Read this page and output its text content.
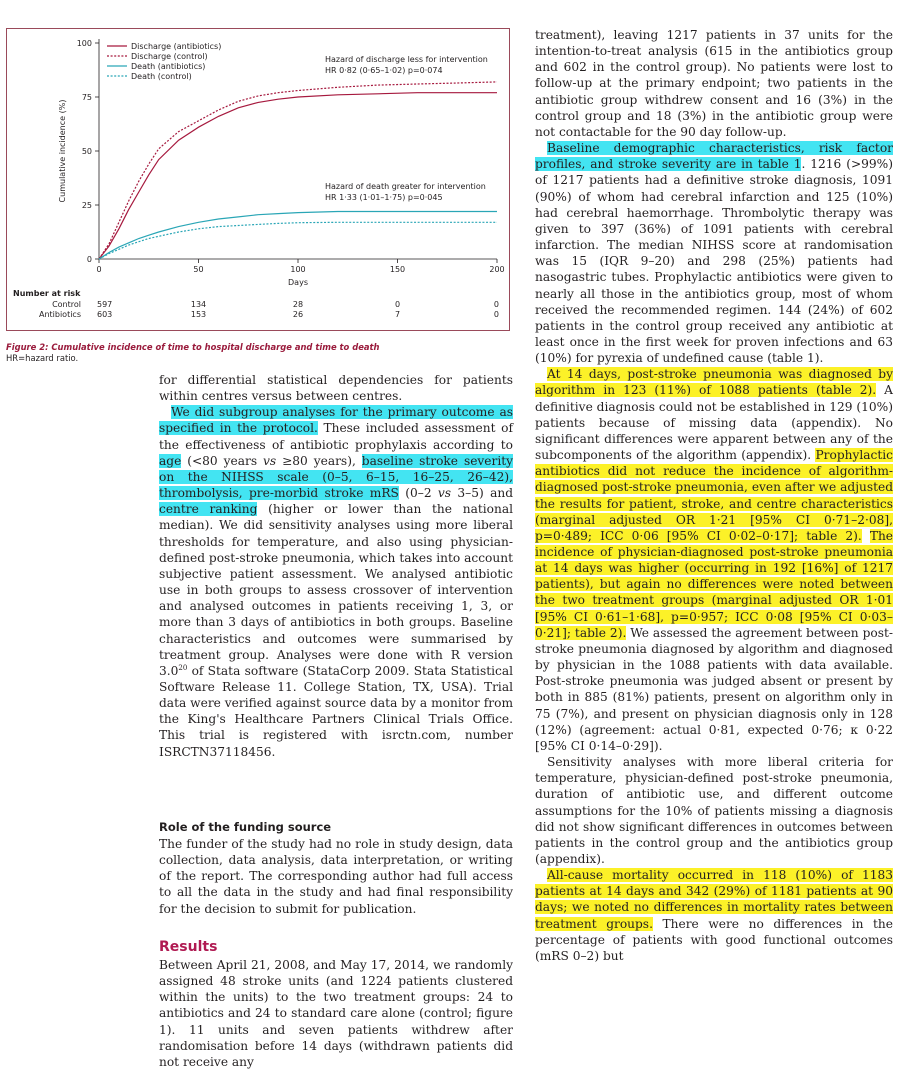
0
25
50
75
100
0	50	100	150	200
Days
Cumulative incidence (%)
Discharge (antibiotics)
Discharge (control)
Death (antibiotics)
Death (control)
Hazard of discharge less for intervention
HR 0·82 (0·65–1·02) p=0·074
Hazard of death greater for intervention
HR 1·33 (1·01–1·75) p=0·045
Number at risk
Control 597	134	28	0	0
Antibiotics 603	153	26	7	0
Figure 2: Cumulative incidence of time to hospital discharge and time to death
HR=hazard ratio.

treatment), leaving 1217 patients in 37 units for the intention-to-treat analysis (615 in the antibiotics group and 602 in the control group). No patients were lost to follow-up at the primary endpoint; two patients in the antibiotic group withdrew consent and 16 (3%) in the control group and 18 (3%) in the antibiotic group were not contactable for the 90 day follow-up.

Baseline demographic characteristics, risk factor profiles, and stroke severity are in table 1. 1216 (>99%) of 1217 patients had a definitive stroke diagnosis, 1091 (90%) of whom had cerebral infarction and 125 (10%) had cerebral haemorrhage. Thrombolytic therapy was given to 397 (36%) of 1091 patients with cerebral infarction. The median NIHSS score at randomisation was 15 (IQR 9–20) and 298 (25%) patients had nasogastric tubes. Prophylactic antibiotics were given to nearly all those in the antibiotics group, most of whom received the recommended regimen. 144 (24%) of 602 patients in the control group received any antibiotic at least once in the first week for proven infections and 63 (10%) for pyrexia of undefined cause (table 1).

At 14 days, post-stroke pneumonia was diagnosed by algorithm in 123 (11%) of 1088 patients (table 2). A definitive diagnosis could not be established in 129 (10%) patients because of missing data (appendix). No significant differences were apparent between any of the subcomponents of the algorithm (appendix). Prophylactic antibiotics did not reduce the incidence of algorithm-diagnosed post-stroke pneumonia, even after we adjusted the results for patient, stroke, and centre characteristics (marginal adjusted OR 1·21 [95% CI 0·71–2·08], p=0·489; ICC 0·06 [95% CI 0·02–0·17]; table 2). The incidence of physician-diagnosed post-stroke pneumonia at 14 days was higher (occurring in 192 [16%] of 1217 patients), but again no differences were noted between the two treatment groups (marginal adjusted OR 1·01 [95% CI 0·61–1·68], p=0·957; ICC 0·08 [95% CI 0·03–0·21]; table 2). We assessed the agreement between post-stroke pneumonia diagnosed by algorithm and diagnosed by physician in the 1088 patients with data available. Post-stroke pneumonia was judged absent or present by both in 885 (81%) patients, present on algorithm only in 75 (7%), and present on physician diagnosis only in 128 (12%) (agreement: actual 0·81, expected 0·76; κ 0·22 [95% CI 0·14–0·29]).

Sensitivity analyses with more liberal criteria for temperature, physician-defined post-stroke pneumonia, duration of antibiotic use, and different outcome assumptions for the 10% of patients missing a diagnosis did not show significant differences in outcomes between patients in the control group and the antibiotics group (appendix).

All-cause mortality occurred in 118 (10%) of 1183 patients at 14 days and 342 (29%) of 1181 patients at 90 days; we noted no differences in mortality rates between treatment groups. There were no differences in the percentage of patients with good functional outcomes (mRS 0–2) but

for differential statistical dependencies for patients within centres versus between centres.

We did subgroup analyses for the primary outcome as specified in the protocol. These included assessment of the effectiveness of antibiotic prophylaxis according to age (<80 years vs ≥80 years), baseline stroke severity on the NIHSS scale (0–5, 6–15, 16–25, 26–42), thrombolysis, pre-morbid stroke mRS (0–2 vs 3–5) and centre ranking (higher or lower than the national median). We did sensitivity analyses using more liberal thresholds for temperature, and also using physician-defined post-stroke pneumonia, which takes into account subjective patient assessment. We analysed antibiotic use in both groups to assess crossover of intervention and analysed outcomes in patients receiving 1, 3, or more than 3 days of antibiotics in both groups. Baseline characteristics and outcomes were summarised by treatment group. Analyses were done with R version $3.0^{20}$ of Stata software (StataCorp 2009. Stata Statistical Software Release 11. College Station, TX, USA). Trial data were verified against source data by a monitor from the King's Healthcare Partners Clinical Trials Office. This trial is registered with isrctn.com, number ISRCTN37118456.

Role of the funding source

The funder of the study had no role in study design, data collection, data analysis, data interpretation, or writing of the report. The corresponding author had full access to all the data in the study and had final responsibility for the decision to submit for publication.

Results

Between April 21, 2008, and May 17, 2014, we randomly assigned 48 stroke units (and 1224 patients clustered within the units) to the two treatment groups: 24 to antibiotics and 24 to standard care alone (control; figure 1). 11 units and seven patients withdrew after randomisation before 14 days (withdrawn patients did not receive any
